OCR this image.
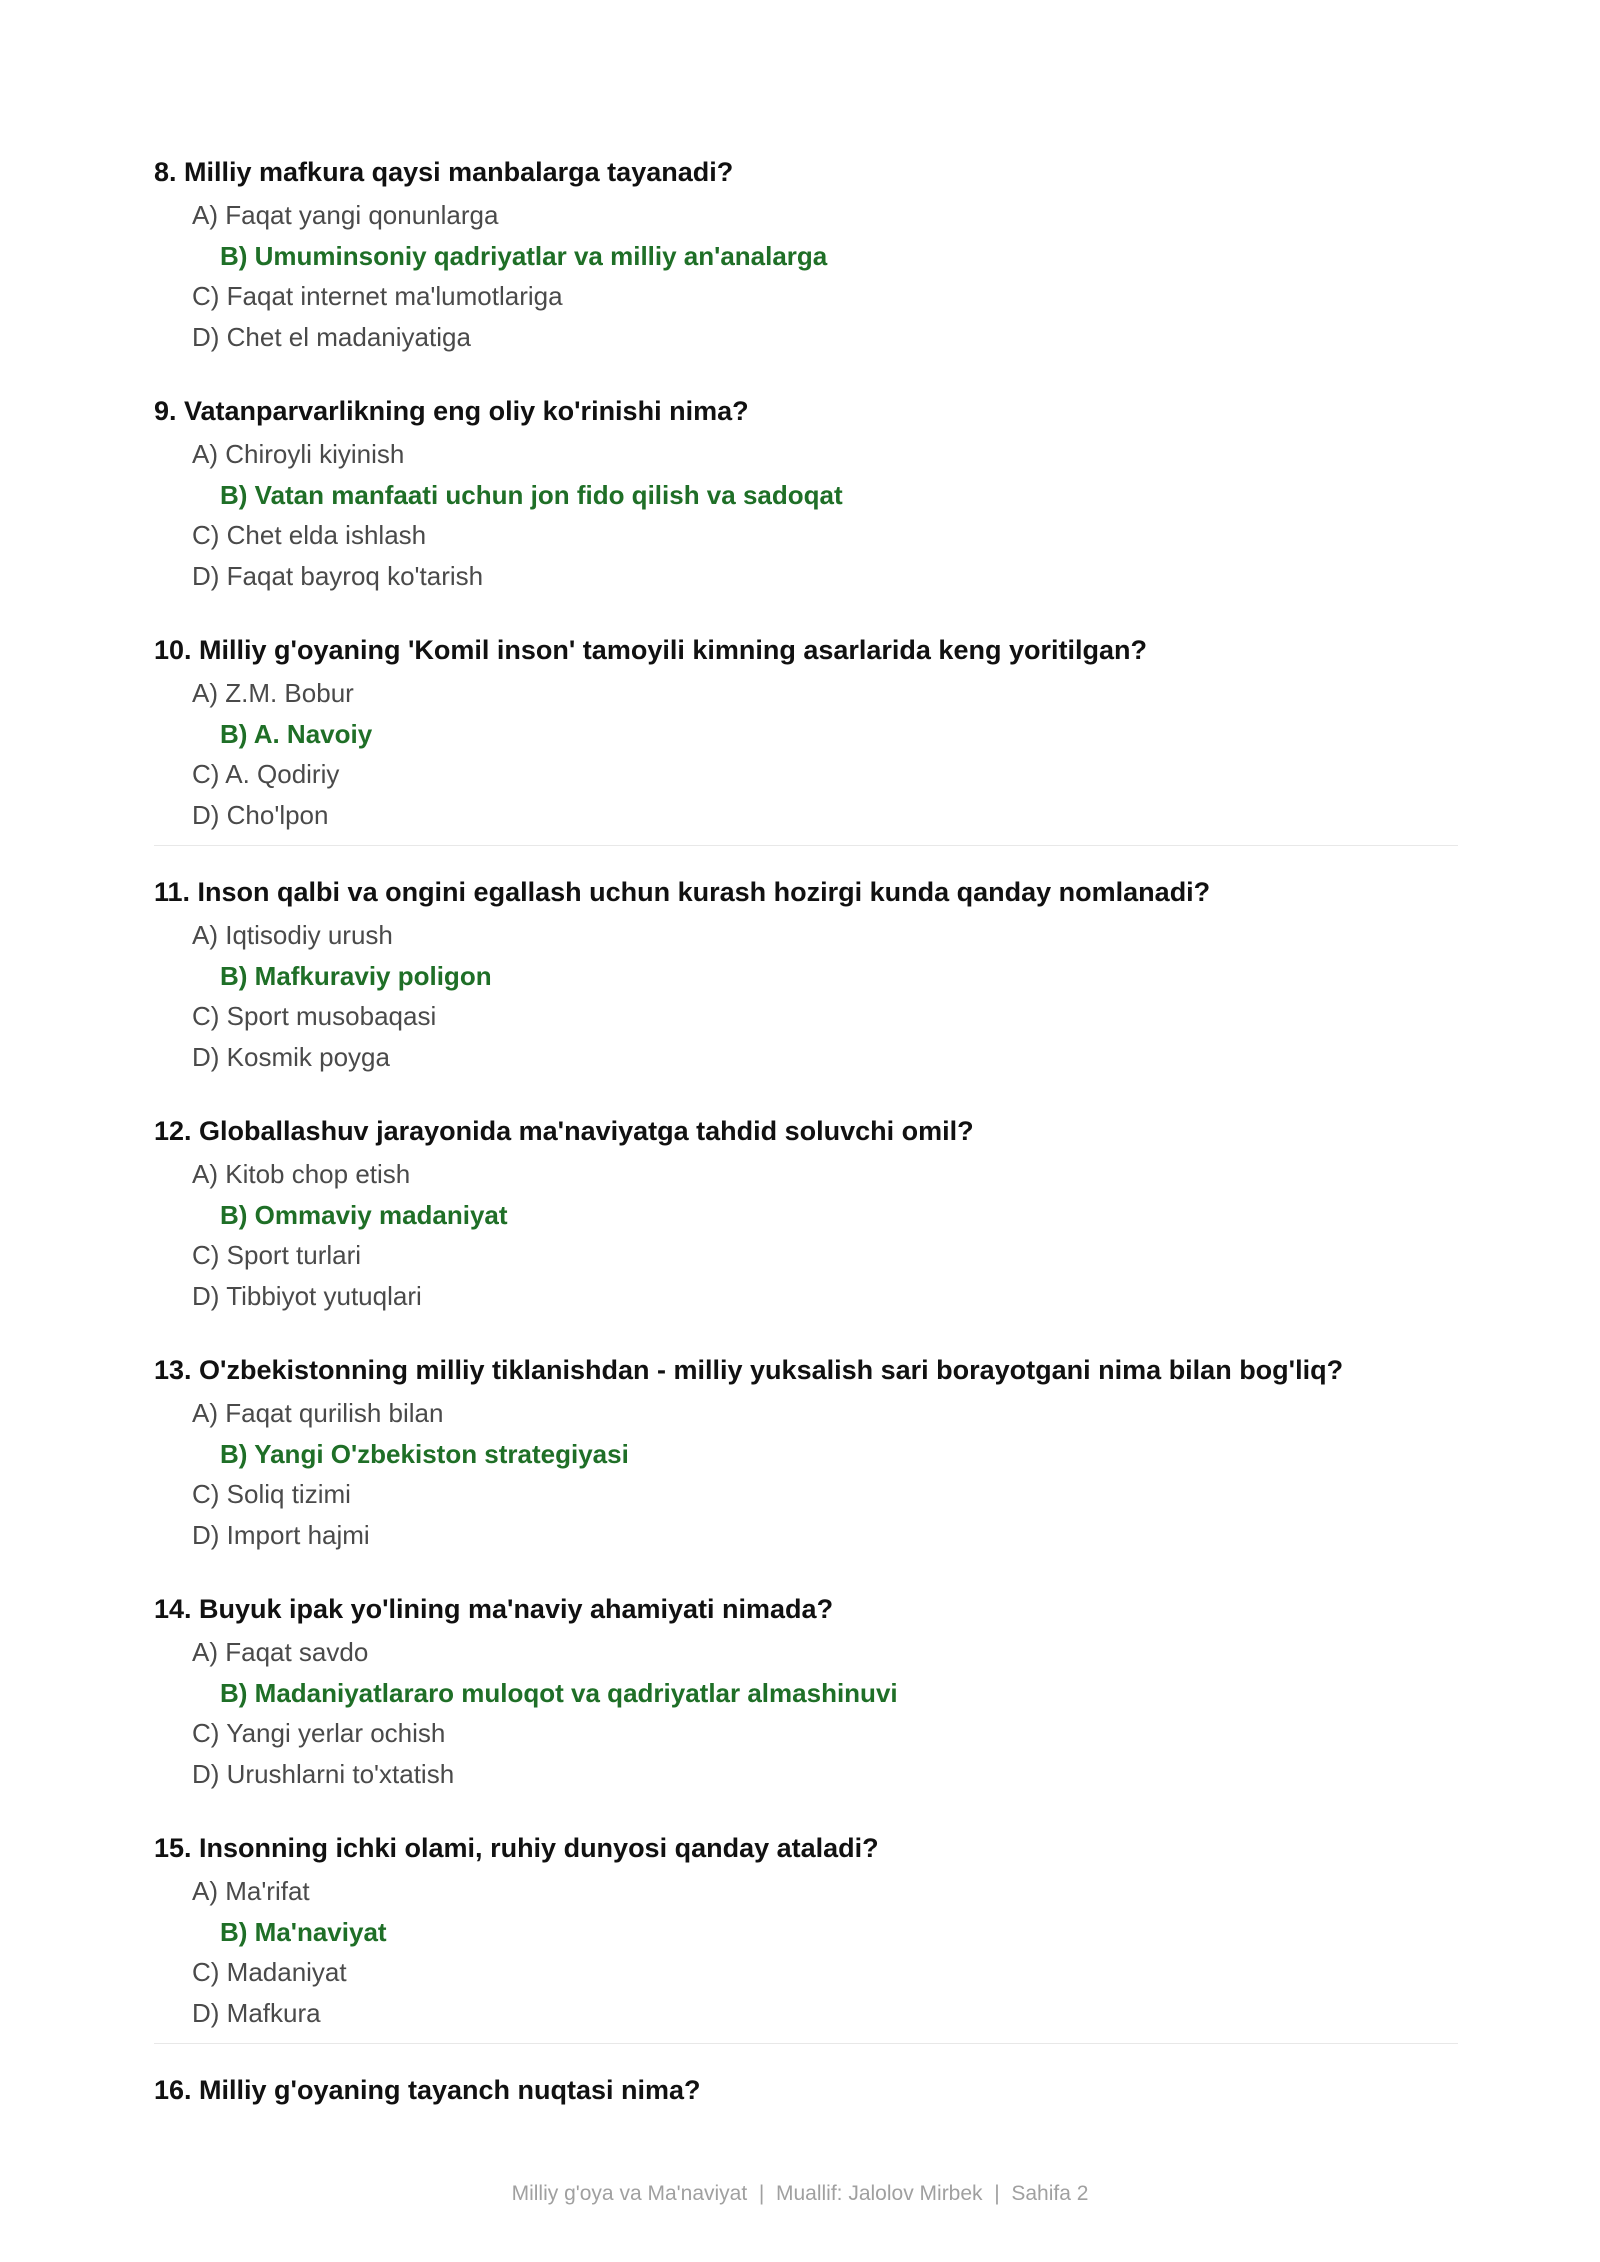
8. Milliy mafkura qaysi manbalarga tayanadi?
A) Faqat yangi qonunlarga
B) Umuminsoniy qadriyatlar va milliy an'analarga
C) Faqat internet ma'lumotlariga
D) Chet el madaniyatiga
9. Vatanparvarlikning eng oliy ko'rinishi nima?
A) Chiroyli kiyinish
B) Vatan manfaati uchun jon fido qilish va sadoqat
C) Chet elda ishlash
D) Faqat bayroq ko'tarish
10. Milliy g'oyaning 'Komil inson' tamoyili kimning asarlarida keng yoritilgan?
A) Z.M. Bobur
B) A. Navoiy
C) A. Qodiriy
D) Cho'lpon
11. Inson qalbi va ongini egallash uchun kurash hozirgi kunda qanday nomlanadi?
A) Iqtisodiy urush
B) Mafkuraviy poligon
C) Sport musobaqasi
D) Kosmik poyga
12. Globallashuv jarayonida ma'naviyatga tahdid soluvchi omil?
A) Kitob chop etish
B) Ommaviy madaniyat
C) Sport turlari
D) Tibbiyot yutuqlari
13. O'zbekistonning milliy tiklanishdan - milliy yuksalish sari borayotgani nima bilan bog'liq?
A) Faqat qurilish bilan
B) Yangi O'zbekiston strategiyasi
C) Soliq tizimi
D) Import hajmi
14. Buyuk ipak yo'lining ma'naviy ahamiyati nimada?
A) Faqat savdo
B) Madaniyatlararo muloqot va qadriyatlar almashinuvi
C) Yangi yerlar ochish
D) Urushlarni to'xtatish
15. Insonning ichki olami, ruhiy dunyosi qanday ataladi?
A) Ma'rifat
B) Ma'naviyat
C) Madaniyat
D) Mafkura
16. Milliy g'oyaning tayanch nuqtasi nima?
Milliy g'oya va Ma'naviyat  |  Muallif: Jalolov Mirbek  |  Sahifa 2
